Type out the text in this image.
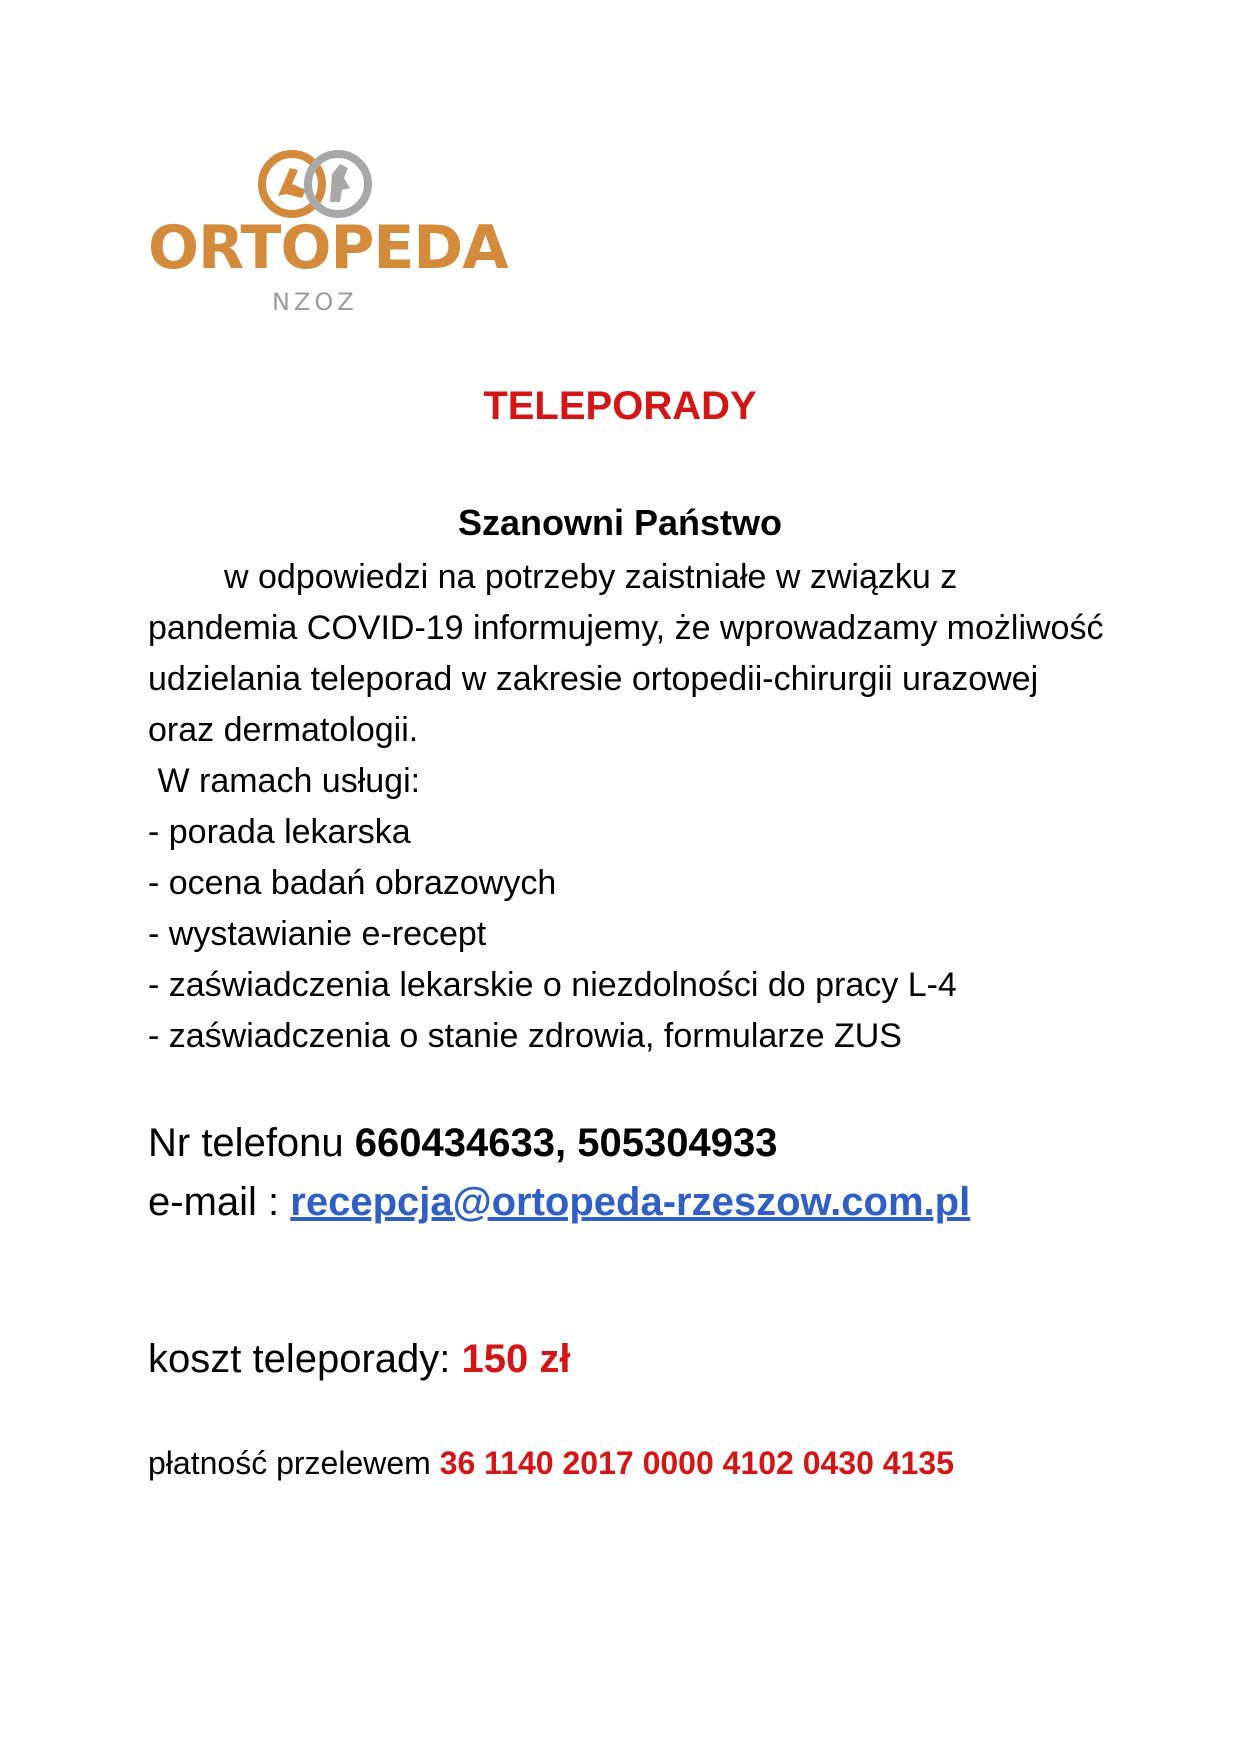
ORTOPEDA
NZOZ
TELEPORADY
Szanowni Państwo

w odpowiedzi na potrzeby zaistniałe w związku z pandemia COVID-19 informujemy, że wprowadzamy możliwość udzielania teleporad w zakresie ortopedii-chirurgii urazowej oraz dermatologii.

W ramach usługi:

- porada lekarska

- ocena badań obrazowych

- wystawianie e-recept

- zaświadczenia lekarskie o niezdolności do pracy L-4

- zaświadczenia o stanie zdrowia, formularze ZUS

Nr telefonu 660434633, 505304933
e-mail : recepcja@ortopeda-rzeszow.com.pl
koszt teleporady: 150 zł
płatność przelewem 36 1140 2017 0000 4102 0430 4135
